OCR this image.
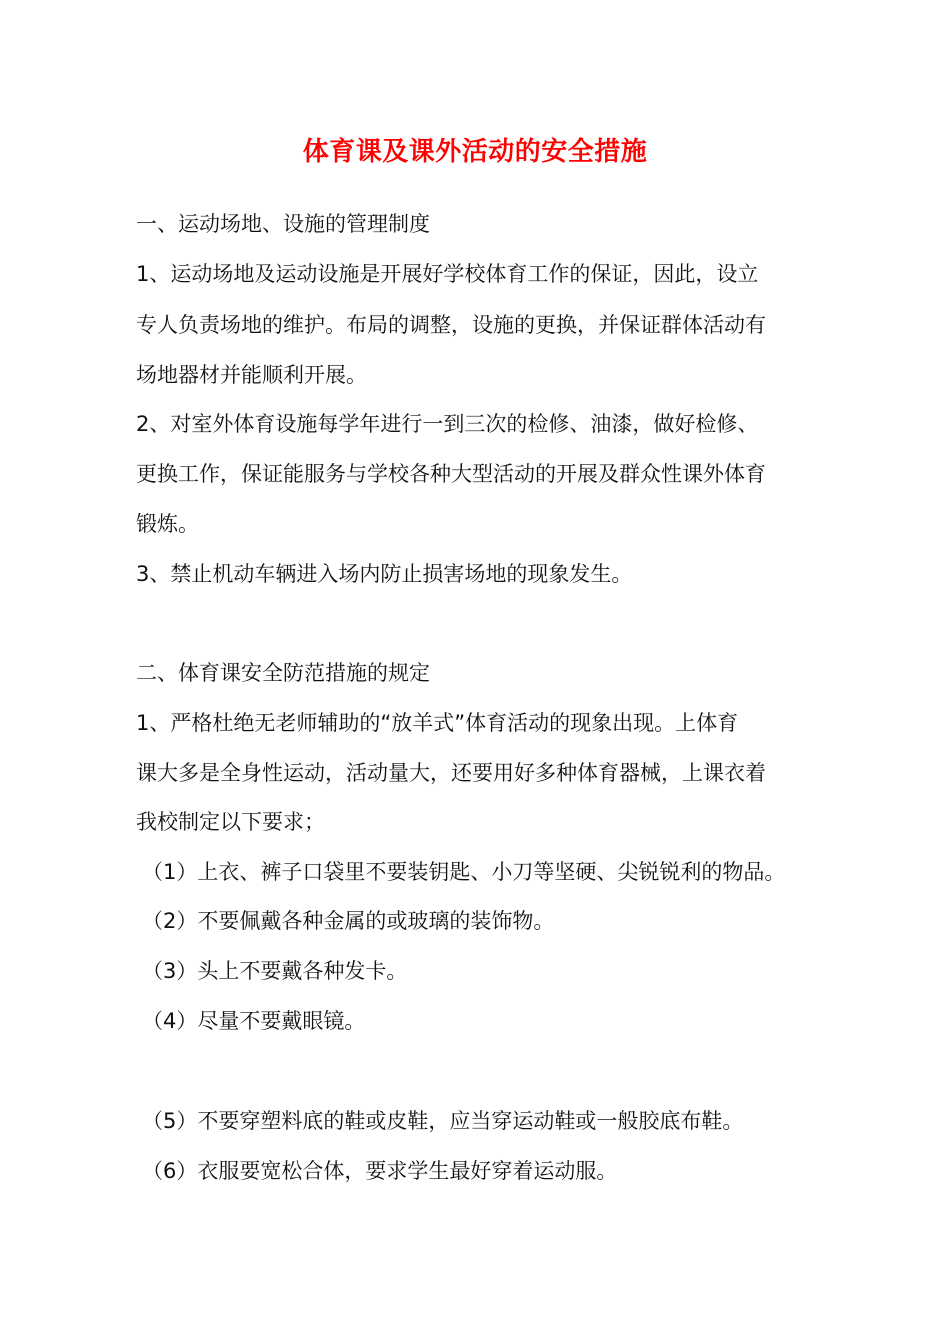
体育课及课外活动的安全措施
一、运动场地、设施的管理制度
1、运动场地及运动设施是开展好学校体育工作的保证，因此，设立
专人负责场地的维护。布局的调整，设施的更换，并保证群体活动有
场地器材并能顺利开展。
2、对室外体育设施每学年进行一到三次的检修、油漆，做好检修、
更换工作，保证能服务与学校各种大型活动的开展及群众性课外体育
锻炼。
3、禁止机动车辆进入场内防止损害场地的现象发生。
二、体育课安全防范措施的规定
1、严格杜绝无老师辅助的“放羊式”体育活动的现象出现。上体育
课大多是全身性运动，活动量大，还要用好多种体育器械，上课衣着
我校制定以下要求；
（1）上衣、裤子口袋里不要装钥匙、小刀等坚硬、尖锐锐利的物品。
（2）不要佩戴各种金属的或玻璃的装饰物。
（3）头上不要戴各种发卡。
（4）尽量不要戴眼镜。
（5）不要穿塑料底的鞋或皮鞋，应当穿运动鞋或一般胶底布鞋。
（6）衣服要宽松合体，要求学生最好穿着运动服。
